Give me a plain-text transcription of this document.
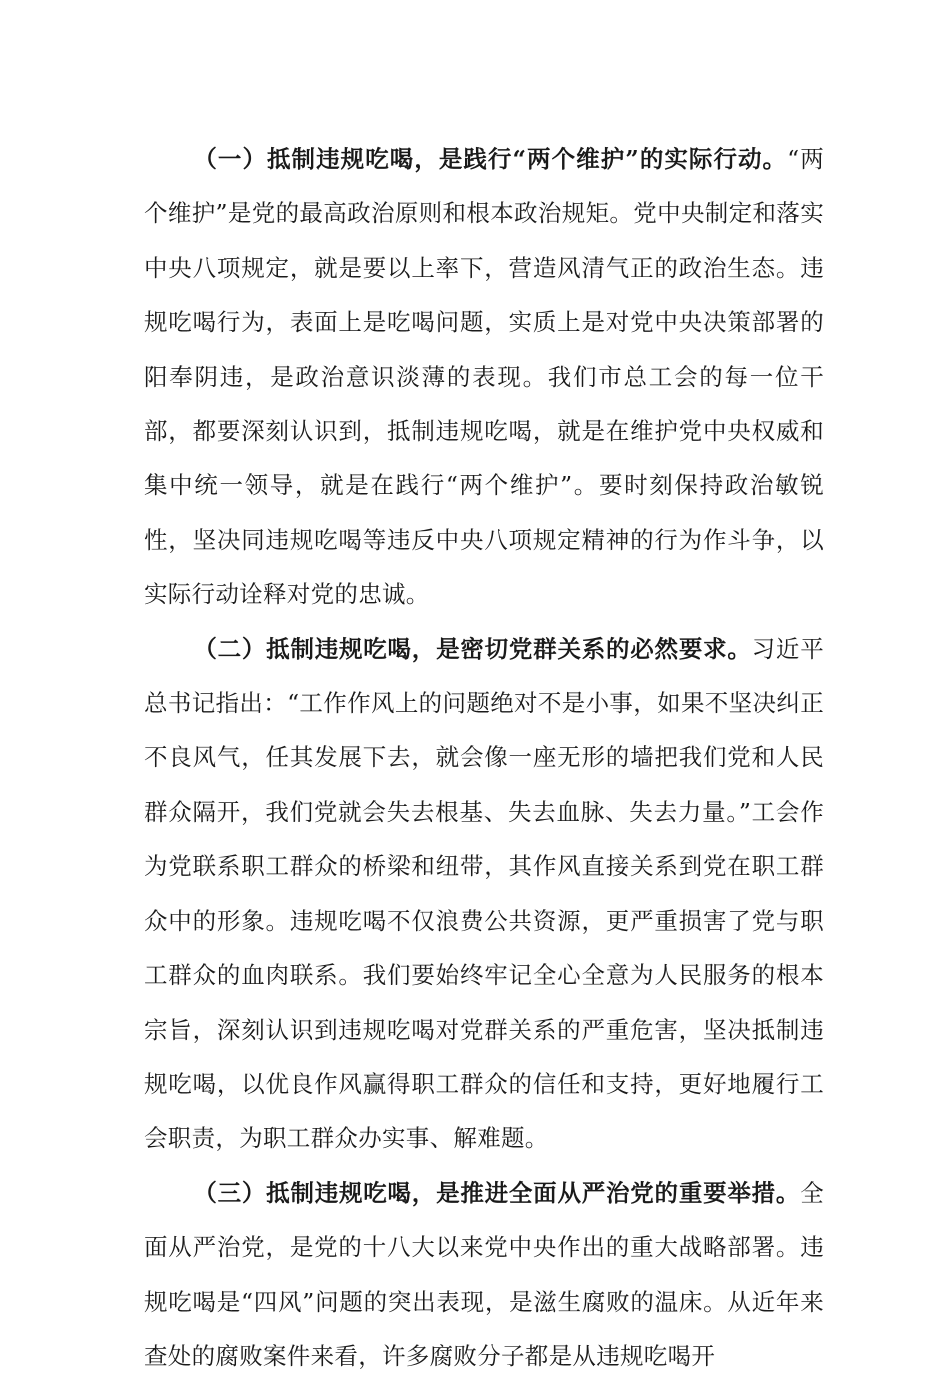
（一）抵制违规吃喝，是践行“两个维护”的实际行动。“两个维护”是党的最高政治原则和根本政治规矩。党中央制定和落实中央八项规定，就是要以上率下，营造风清气正的政治生态。违规吃喝行为，表面上是吃喝问题，实质上是对党中央决策部署的阳奉阴违，是政治意识淡薄的表现。我们市总工会的每一位干部，都要深刻认识到，抵制违规吃喝，就是在维护党中央权威和集中统一领导，就是在践行“两个维护”。要时刻保持政治敏锐性，坚决同违规吃喝等违反中央八项规定精神的行为作斗争，以实际行动诠释对党的忠诚。

（二）抵制违规吃喝，是密切党群关系的必然要求。习近平总书记指出：“工作作风上的问题绝对不是小事，如果不坚决纠正不良风气，任其发展下去，就会像一座无形的墙把我们党和人民群众隔开，我们党就会失去根基、失去血脉、失去力量。”工会作为党联系职工群众的桥梁和纽带，其作风直接关系到党在职工群众中的形象。违规吃喝不仅浪费公共资源，更严重损害了党与职工群众的血肉联系。我们要始终牢记全心全意为人民服务的根本宗旨，深刻认识到违规吃喝对党群关系的严重危害，坚决抵制违规吃喝，以优良作风赢得职工群众的信任和支持，更好地履行工会职责，为职工群众办实事、解难题。

（三）抵制违规吃喝，是推进全面从严治党的重要举措。全面从严治党，是党的十八大以来党中央作出的重大战略部署。违规吃喝是“四风”问题的突出表现，是滋生腐败的温床。从近年来查处的腐败案件来看，许多腐败分子都是从违规吃喝开
